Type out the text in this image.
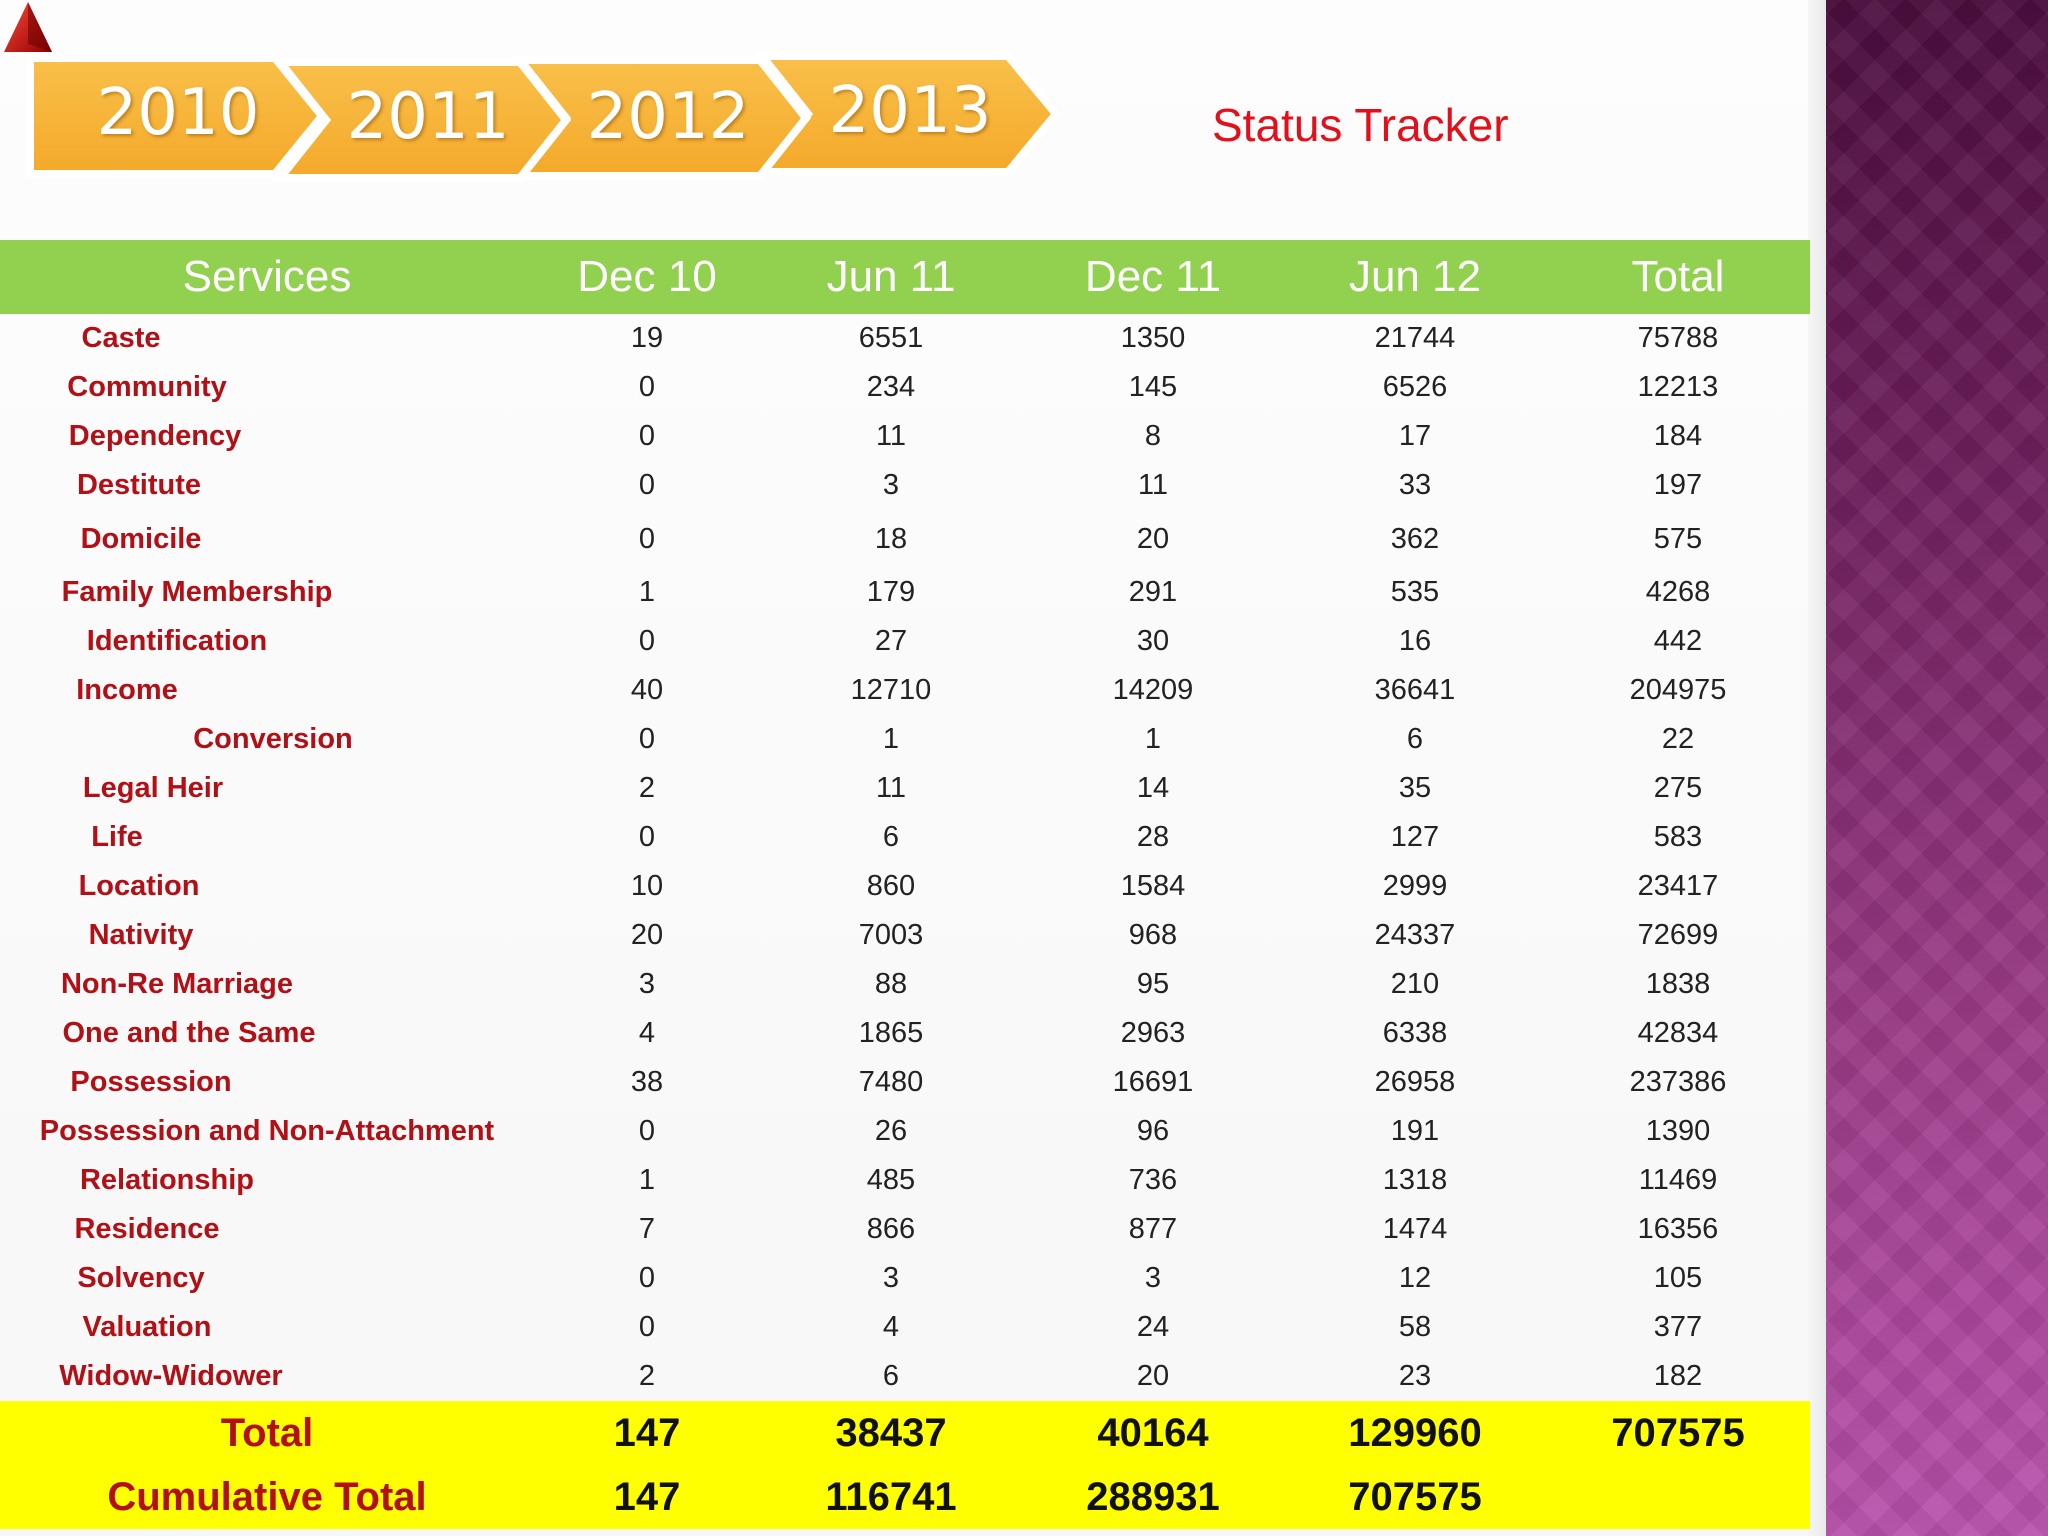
2010 2011 2012 2013	Status Tracker
Services	Dec 10	Jun 11	Dec 11	Jun 12	Total
Caste	19	6551	1350	21744	75788
Community	0	234	145	6526	12213
Dependency	0	11	8	17	184
Destitute	0	3	11	33	197
Domicile	0	18	20	362	575
Family Membership	1	179	291	535	4268
Identification	0	27	30	16	442
Income	40	12710	14209	36641	204975
Conversion	0	1	1	6	22
Legal Heir	2	11	14	35	275
Life	0	6	28	127	583
Location	10	860	1584	2999	23417
Nativity	20	7003	968	24337	72699
Non-Re Marriage	3	88	95	210	1838
One and the Same	4	1865	2963	6338	42834
Possession	38	7480	16691	26958	237386
Possession and Non-Attachment	0	26	96	191	1390
Relationship	1	485	736	1318	11469
Residence	7	866	877	1474	16356
Solvency	0	3	3	12	105
Valuation	0	4	24	58	377
Widow-Widower	2	6	20	23	182
Total	147	38437	40164	129960	707575
Cumulative Total	147	116741	288931	707575	
